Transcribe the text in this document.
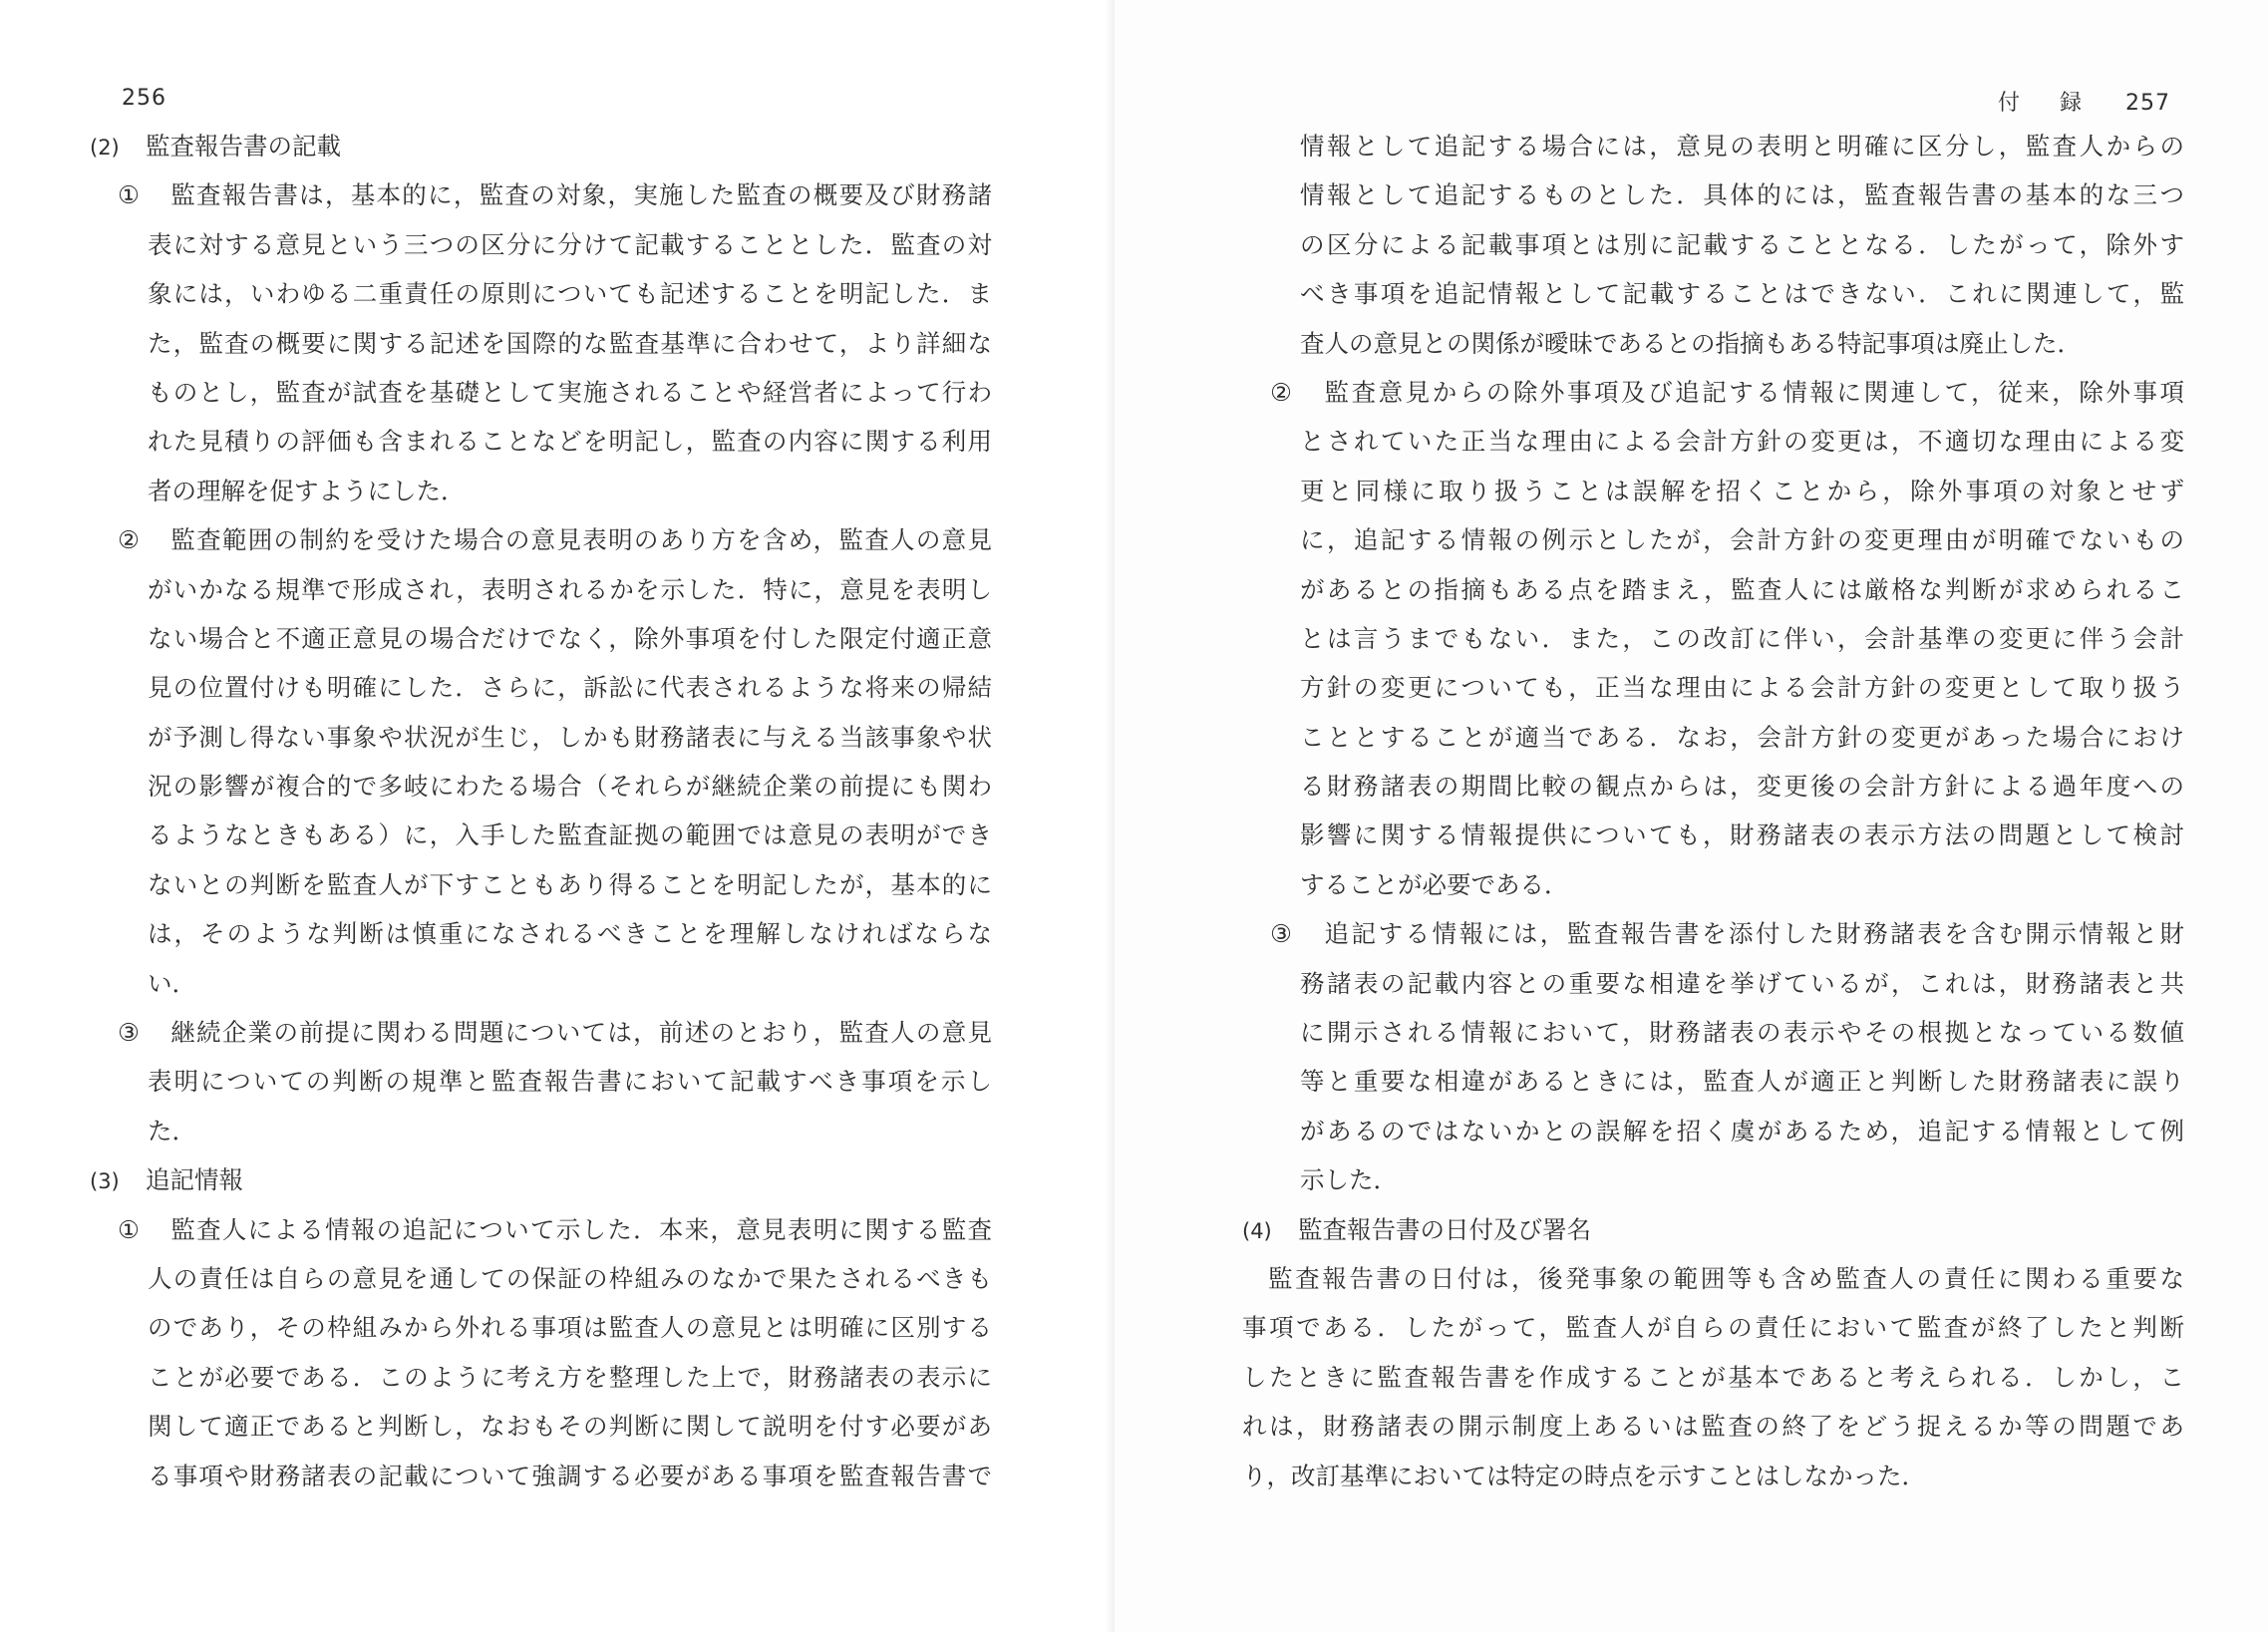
256
(2) 監査報告書の記載
① 監査報告書は，基本的に，監査の対象，実施した監査の概要及び財務諸
表に対する意見という三つの区分に分けて記載することとした．監査の対
象には，いわゆる二重責任の原則についても記述することを明記した．ま
た，監査の概要に関する記述を国際的な監査基準に合わせて，より詳細な
ものとし，監査が試査を基礎として実施されることや経営者によって行わ
れた見積りの評価も含まれることなどを明記し，監査の内容に関する利用
者の理解を促すようにした．
② 監査範囲の制約を受けた場合の意見表明のあり方を含め，監査人の意見
がいかなる規準で形成され，表明されるかを示した．特に，意見を表明し
ない場合と不適正意見の場合だけでなく，除外事項を付した限定付適正意
見の位置付けも明確にした．さらに，訴訟に代表されるような将来の帰結
が予測し得ない事象や状況が生じ，しかも財務諸表に与える当該事象や状
況の影響が複合的で多岐にわたる場合（それらが継続企業の前提にも関わ
るようなときもある）に，入手した監査証拠の範囲では意見の表明ができ
ないとの判断を監査人が下すこともあり得ることを明記したが，基本的に
は，そのような判断は慎重になされるべきことを理解しなければならな
い．
③ 継続企業の前提に関わる問題については，前述のとおり，監査人の意見
表明についての判断の規準と監査報告書において記載すべき事項を示し
た．
(3) 追記情報
① 監査人による情報の追記について示した．本来，意見表明に関する監査
人の責任は自らの意見を通しての保証の枠組みのなかで果たされるべきも
のであり，その枠組みから外れる事項は監査人の意見とは明確に区別する
ことが必要である．このように考え方を整理した上で，財務諸表の表示に
関して適正であると判断し，なおもその判断に関して説明を付す必要があ
る事項や財務諸表の記載について強調する必要がある事項を監査報告書で
付録 257
情報として追記する場合には，意見の表明と明確に区分し，監査人からの
情報として追記するものとした．具体的には，監査報告書の基本的な三つ
の区分による記載事項とは別に記載することとなる．したがって，除外す
べき事項を追記情報として記載することはできない．これに関連して，監
査人の意見との関係が曖昧であるとの指摘もある特記事項は廃止した．
② 監査意見からの除外事項及び追記する情報に関連して，従来，除外事項
とされていた正当な理由による会計方針の変更は，不適切な理由による変
更と同様に取り扱うことは誤解を招くことから，除外事項の対象とせず
に，追記する情報の例示としたが，会計方針の変更理由が明確でないもの
があるとの指摘もある点を踏まえ，監査人には厳格な判断が求められるこ
とは言うまでもない．また，この改訂に伴い，会計基準の変更に伴う会計
方針の変更についても，正当な理由による会計方針の変更として取り扱う
こととすることが適当である．なお，会計方針の変更があった場合におけ
る財務諸表の期間比較の観点からは，変更後の会計方針による過年度への
影響に関する情報提供についても，財務諸表の表示方法の問題として検討
することが必要である．
③ 追記する情報には，監査報告書を添付した財務諸表を含む開示情報と財
務諸表の記載内容との重要な相違を挙げているが，これは，財務諸表と共
に開示される情報において，財務諸表の表示やその根拠となっている数値
等と重要な相違があるときには，監査人が適正と判断した財務諸表に誤り
があるのではないかとの誤解を招く虞があるため，追記する情報として例
示した．
(4) 監査報告書の日付及び署名
監査報告書の日付は，後発事象の範囲等も含め監査人の責任に関わる重要な
事項である．したがって，監査人が自らの責任において監査が終了したと判断
したときに監査報告書を作成することが基本であると考えられる．しかし，こ
れは，財務諸表の開示制度上あるいは監査の終了をどう捉えるか等の問題であ
り，改訂基準においては特定の時点を示すことはしなかった．
